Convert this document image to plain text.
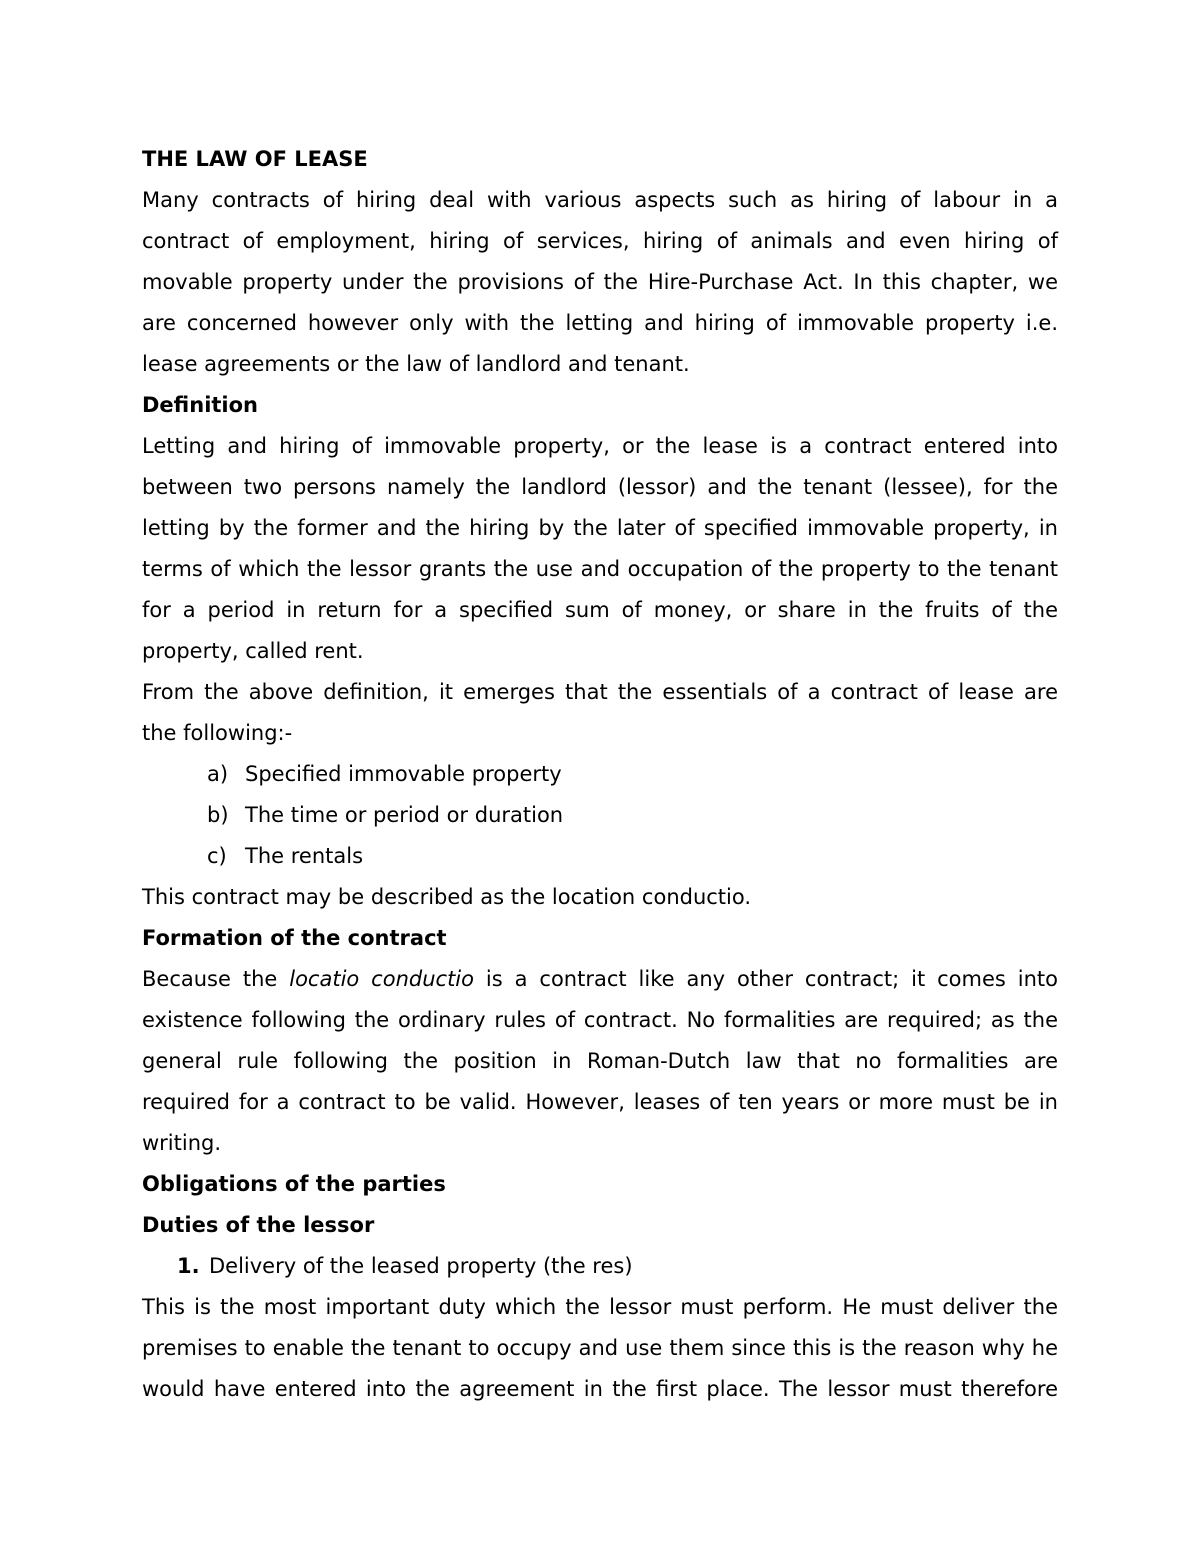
THE LAW OF LEASE
Many contracts of hiring deal with various aspects such as hiring of labour in a
contract of employment, hiring of services, hiring of animals and even hiring of
movable property under the provisions of the Hire-Purchase Act. In this chapter, we
are concerned however only with the letting and hiring of immovable property i.e.
lease agreements or the law of landlord and tenant.
Definition
Letting and hiring of immovable property, or the lease is a contract entered into
between two persons namely the landlord (lessor) and the tenant (lessee), for the
letting by the former and the hiring by the later of specified immovable property, in
terms of which the lessor grants the use and occupation of the property to the tenant
for a period in return for a specified sum of money, or share in the fruits of the
property, called rent.
From the above definition, it emerges that the essentials of a contract of lease are
the following:-
a) Specified immovable property
b) The time or period or duration
c) The rentals
This contract may be described as the location conductio.
Formation of the contract
Because the locatio conductio is a contract like any other contract; it comes into
existence following the ordinary rules of contract. No formalities are required; as the
general rule following the position in Roman-Dutch law that no formalities are
required for a contract to be valid. However, leases of ten years or more must be in
writing.
Obligations of the parties
Duties of the lessor
1. Delivery of the leased property (the res)
This is the most important duty which the lessor must perform. He must deliver the
premises to enable the tenant to occupy and use them since this is the reason why he
would have entered into the agreement in the first place. The lessor must therefore
